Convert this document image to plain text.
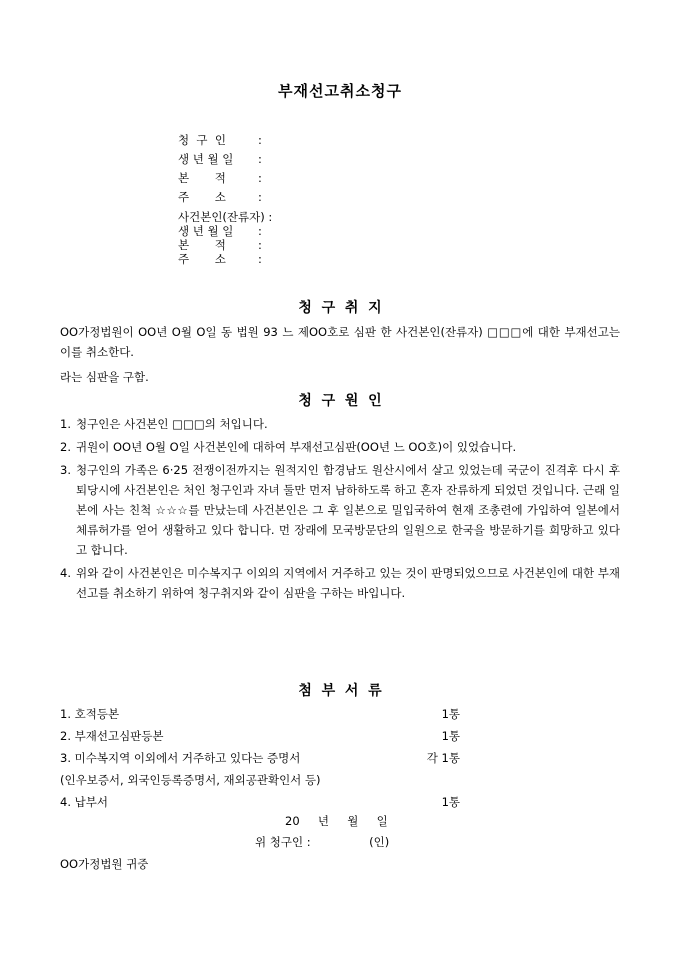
부재선고취소청구
청  구  인	:
생 년 월 일	:
본       적	:
주       소	:
사건본인(잔류자) :
생 년 월 일	:
본       적	:
주       소	:
청  구  취  지
OO가정법원이 OO년 O월 O일 동 법원 93 느 제OO호로 심판 한 사건본인(잔류자) □□□에 대한 부재선고는 이를 취소한다.
라는 심판을 구함.
청  구  원  인
1. 청구인은 사건본인 □□□의 처입니다.
2. 귀원이 OO년 O월 O일 사건본인에 대하여 부재선고심판(OO년 느 OO호)이 있었습니다.
3. 청구인의 가족은 6·25 전쟁이전까지는 원적지인 함경남도 원산시에서 살고 있었는데 국군이 진격후 다시 후퇴당시에 사건본인은 처인 청구인과 자녀 둘만 먼저 남하하도록 하고 혼자 잔류하게 되었던 것입니다. 근래 일본에 사는 친척 ☆☆☆를 만났는데 사건본인은 그 후 일본으로 밀입국하여 현재 조총련에 가입하여 일본에서 체류허가를 얻어 생활하고 있다 합니다. 먼 장래에 모국방문단의 일원으로 한국을 방문하기를 희망하고 있다고 합니다.
4. 위와 같이 사건본인은 미수복지구 이외의 지역에서 거주하고 있는 것이 판명되었으므로 사건본인에 대한 부재선고를 취소하기 위하여 청구취지와 같이 심판을 구하는 바입니다.
첨  부  서  류
1. 호적등본	1통
2. 부재선고심판등본	1통
3. 미수복지역 이외에서 거주하고 있다는 증명서	각 1통
(인우보증서, 외국인등록증명서, 재외공관확인서 등)
4. 납부서	1통
20     년     월     일
위 청구인 :                (인)
OO가정법원 귀중
